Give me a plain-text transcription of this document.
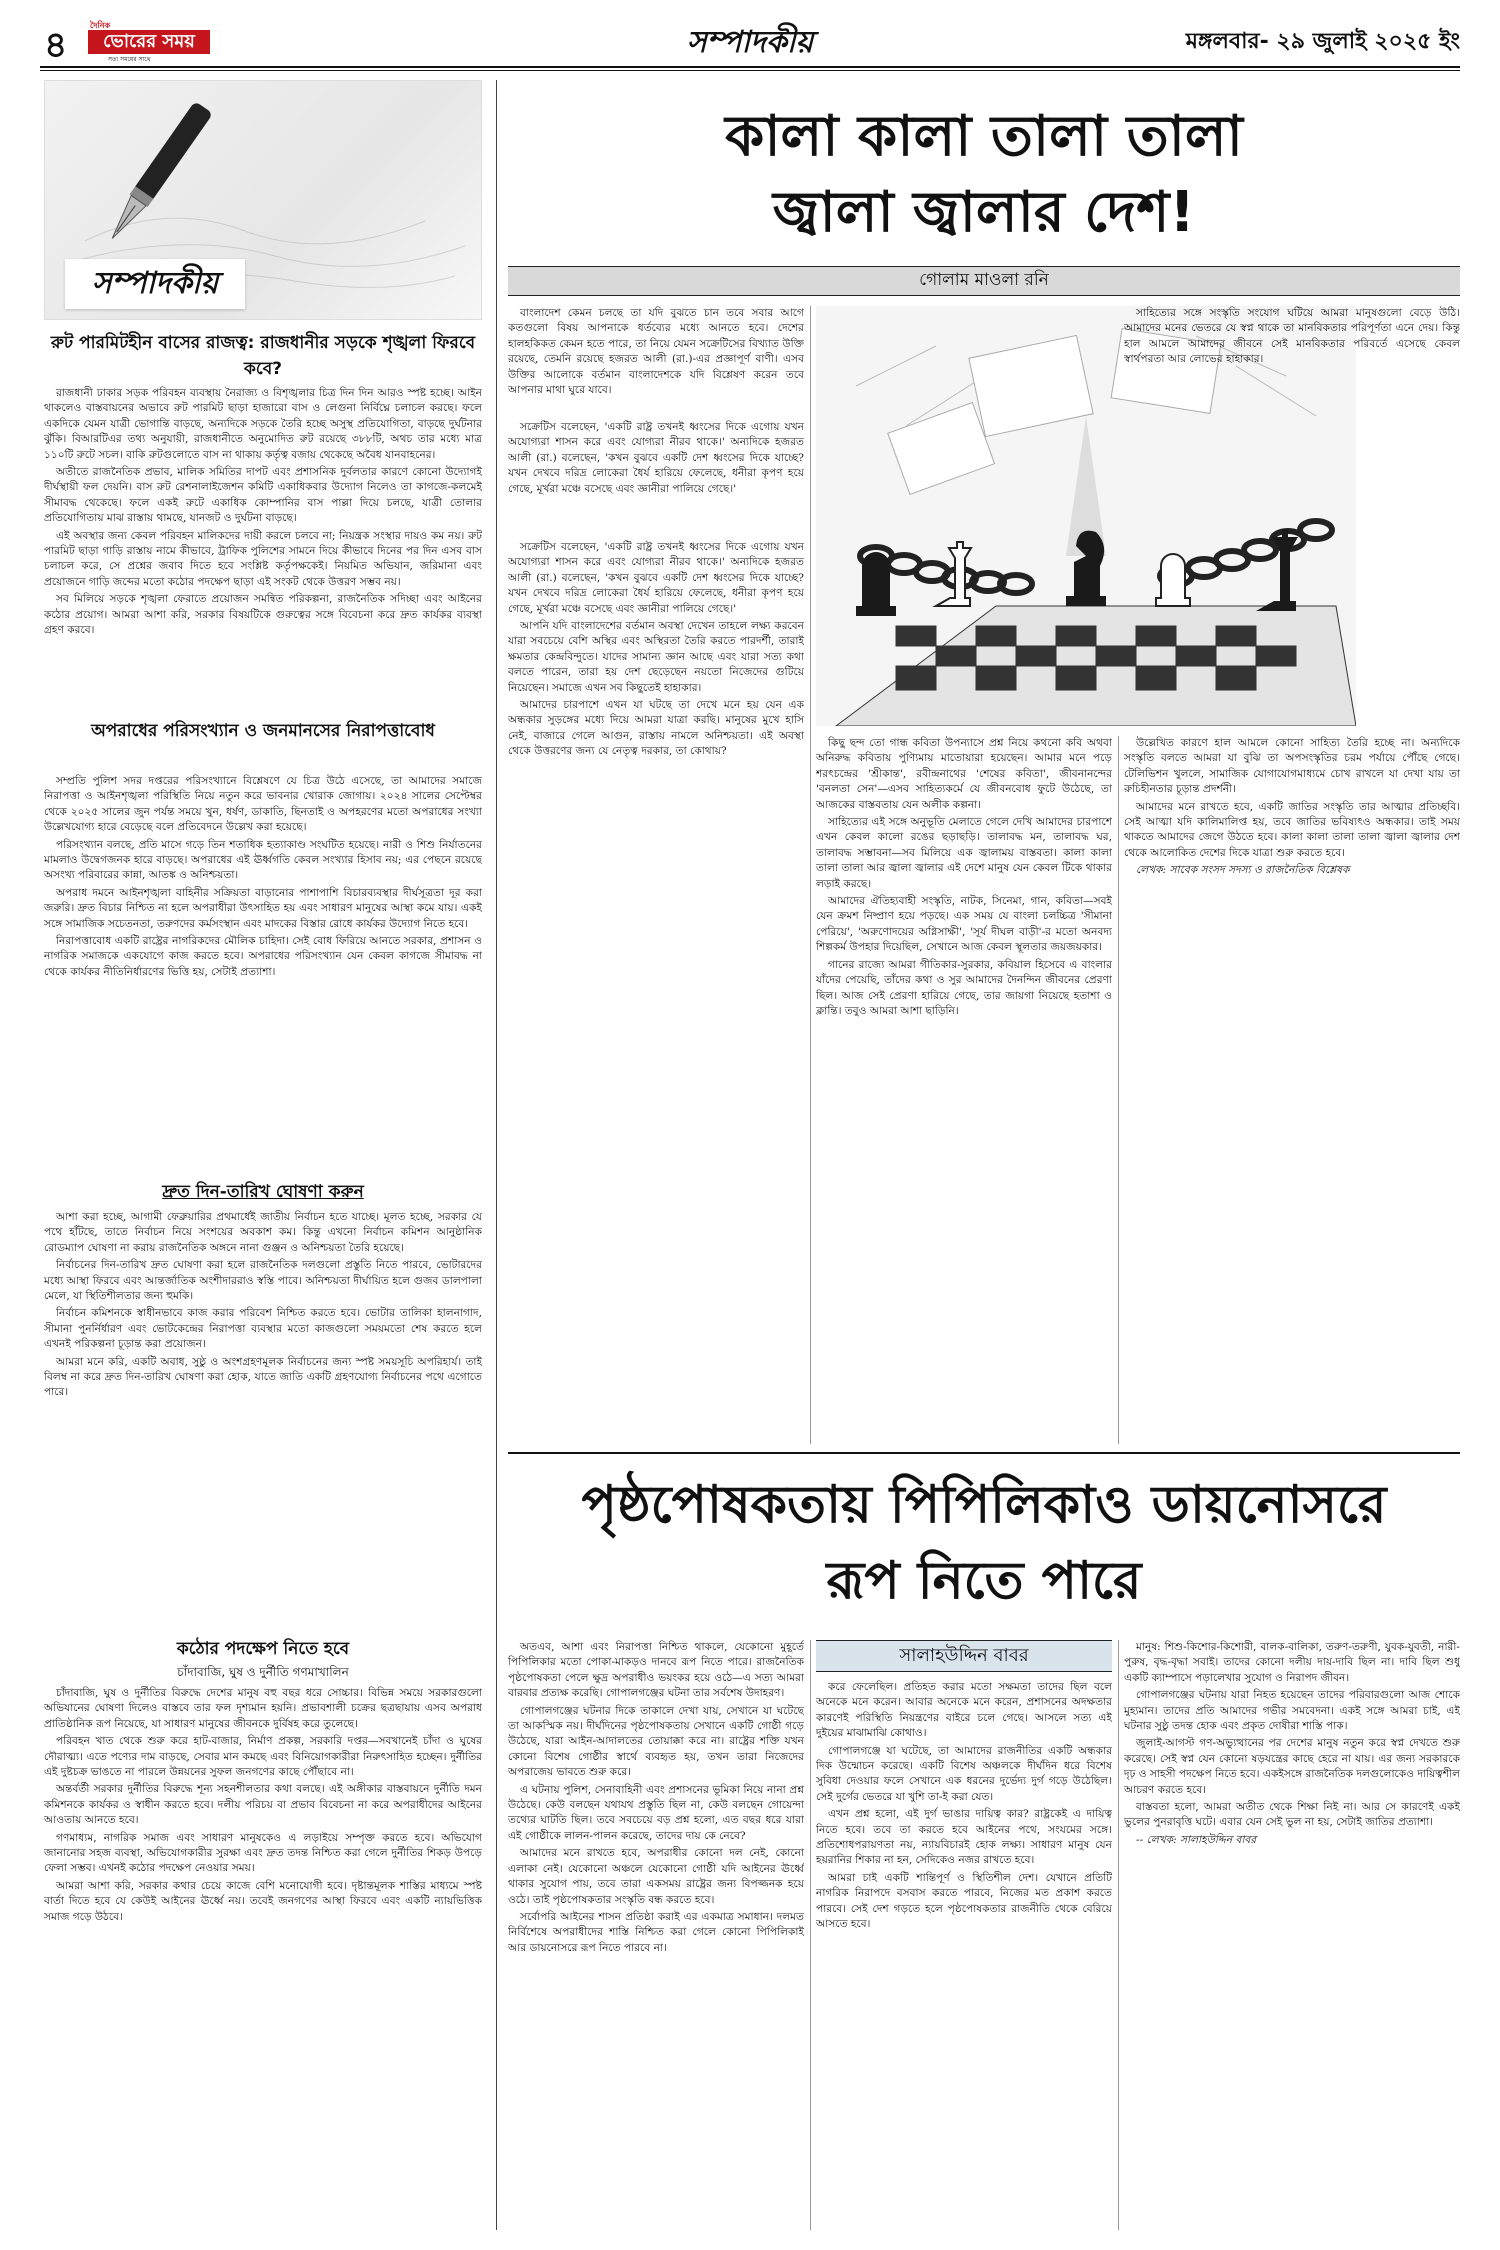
৪	দৈনিক
ভোরের সময়
সত্য সময়ের সাথে	সম্পাদকীয়	মঙ্গলবার- ২৯ জুলাই ২০২৫ ইং
সম্পাদকীয়
রুট পারমিটহীন বাসের রাজত্ব: রাজধানীর সড়কে শৃঙ্খলা ফিরবে কবে?

রাজধানী ঢাকার সড়ক পরিবহন ব্যবস্থায় নৈরাজ্য ও বিশৃঙ্খলার চিত্র দিন দিন আরও স্পষ্ট হচ্ছে। আইন থাকলেও বাস্তবায়নের অভাবে রুট পারমিট ছাড়া হাজারো বাস ও লেগুনা নির্বিঘ্নে চলাচল করছে। ফলে একদিকে যেমন যাত্রী ভোগান্তি বাড়ছে, অন্যদিকে সড়কে তৈরি হচ্ছে অসুস্থ প্রতিযোগিতা, বাড়ছে দুর্ঘটনার ঝুঁকি। বিআরটিএর তথ্য অনুযায়ী, রাজধানীতে অনুমোদিত রুট রয়েছে ৩৮৮টি, অথচ তার মধ্যে মাত্র ১১০টি রুটে সচল। বাকি রুটগুলোতে বাস না থাকায় কর্তৃত্ব বজায় থেকেছে অবৈধ যানবাহনের।

অতীতে রাজনৈতিক প্রভাব, মালিক সমিতির দাপট এবং প্রশাসনিক দুর্বলতার কারণে কোনো উদ্যোগই দীর্ঘস্থায়ী ফল দেয়নি। বাস রুট রেশনালাইজেশন কমিটি একাধিকবার উদ্যোগ নিলেও তা কাগজে-কলমেই সীমাবদ্ধ থেকেছে। ফলে একই রুটে একাধিক কোম্পানির বাস পাল্লা দিয়ে চলছে, যাত্রী তোলার প্রতিযোগিতায় মাঝ রাস্তায় থামছে, যানজট ও দুর্ঘটনা বাড়ছে।

এই অবস্থার জন্য কেবল পরিবহন মালিকদের দায়ী করলে চলবে না; নিয়ন্ত্রক সংস্থার দায়ও কম নয়। রুট পারমিট ছাড়া গাড়ি রাস্তায় নামে কীভাবে, ট্রাফিক পুলিশের সামনে দিয়ে কীভাবে দিনের পর দিন এসব বাস চলাচল করে, সে প্রশ্নের জবাব দিতে হবে সংশ্লিষ্ট কর্তৃপক্ষকেই। নিয়মিত অভিযান, জরিমানা এবং প্রয়োজনে গাড়ি জব্দের মতো কঠোর পদক্ষেপ ছাড়া এই সংকট থেকে উত্তরণ সম্ভব নয়।

সব মিলিয়ে সড়কে শৃঙ্খলা ফেরাতে প্রয়োজন সমন্বিত পরিকল্পনা, রাজনৈতিক সদিচ্ছা এবং আইনের কঠোর প্রয়োগ। আমরা আশা করি, সরকার বিষয়টিকে গুরুত্বের সঙ্গে বিবেচনা করে দ্রুত কার্যকর ব্যবস্থা গ্রহণ করবে।

অপরাধের পরিসংখ্যান ও জনমানসের নিরাপত্তাবোধ

সম্প্রতি পুলিশ সদর দপ্তরের পরিসংখ্যানে বিশ্লেষণে যে চিত্র উঠে এসেছে, তা আমাদের সমাজে নিরাপত্তা ও আইনশৃঙ্খলা পরিস্থিতি নিয়ে নতুন করে ভাবনার খোরাক জোগায়। ২০২৪ সালের সেপ্টেম্বর থেকে ২০২৫ সালের জুন পর্যন্ত সময়ে খুন, ধর্ষণ, ডাকাতি, ছিনতাই ও অপহরণের মতো অপরাধের সংখ্যা উল্লেখযোগ্য হারে বেড়েছে বলে প্রতিবেদনে উল্লেখ করা হয়েছে।

পরিসংখ্যান বলছে, প্রতি মাসে গড়ে তিন শতাধিক হত্যাকাণ্ড সংঘটিত হয়েছে। নারী ও শিশু নির্যাতনের মামলাও উদ্বেগজনক হারে বাড়ছে। অপরাধের এই ঊর্ধ্বগতি কেবল সংখ্যার হিসাব নয়; এর পেছনে রয়েছে অসংখ্য পরিবারের কান্না, আতঙ্ক ও অনিশ্চয়তা।

অপরাধ দমনে আইনশৃঙ্খলা বাহিনীর সক্রিয়তা বাড়ানোর পাশাপাশি বিচারব্যবস্থার দীর্ঘসূত্রতা দূর করা জরুরি। দ্রুত বিচার নিশ্চিত না হলে অপরাধীরা উৎসাহিত হয় এবং সাধারণ মানুষের আস্থা কমে যায়। একই সঙ্গে সামাজিক সচেতনতা, তরুণদের কর্মসংস্থান এবং মাদকের বিস্তার রোধে কার্যকর উদ্যোগ নিতে হবে।

নিরাপত্তাবোধ একটি রাষ্ট্রের নাগরিকদের মৌলিক চাহিদা। সেই বোধ ফিরিয়ে আনতে সরকার, প্রশাসন ও নাগরিক সমাজকে একযোগে কাজ করতে হবে। অপরাধের পরিসংখ্যান যেন কেবল কাগজে সীমাবদ্ধ না থেকে কার্যকর নীতিনির্ধারণের ভিত্তি হয়, সেটাই প্রত্যাশা।

দ্রুত দিন-তারিখ ঘোষণা করুন

আশা করা হচ্ছে, আগামী ফেব্রুয়ারির প্রথমার্ধেই জাতীয় নির্বাচন হতে যাচ্ছে। মূলত হচ্ছে, সরকার যে পথে হাঁটছে, তাতে নির্বাচন নিয়ে সংশয়ের অবকাশ কম। কিন্তু এখনো নির্বাচন কমিশন আনুষ্ঠানিক রোডম্যাপ ঘোষণা না করায় রাজনৈতিক অঙ্গনে নানা গুঞ্জন ও অনিশ্চয়তা তৈরি হয়েছে।

নির্বাচনের দিন-তারিখ দ্রুত ঘোষণা করা হলে রাজনৈতিক দলগুলো প্রস্তুতি নিতে পারবে, ভোটারদের মধ্যে আস্থা ফিরবে এবং আন্তর্জাতিক অংশীদাররাও স্বস্তি পাবে। অনিশ্চয়তা দীর্ঘায়িত হলে গুজব ডালপালা মেলে, যা স্থিতিশীলতার জন্য হুমকি।

নির্বাচন কমিশনকে স্বাধীনভাবে কাজ করার পরিবেশ নিশ্চিত করতে হবে। ভোটার তালিকা হালনাগাদ, সীমানা পুনর্নির্ধারণ এবং ভোটকেন্দ্রের নিরাপত্তা ব্যবস্থার মতো কাজগুলো সময়মতো শেষ করতে হলে এখনই পরিকল্পনা চূড়ান্ত করা প্রয়োজন।

আমরা মনে করি, একটি অবাধ, সুষ্ঠু ও অংশগ্রহণমূলক নির্বাচনের জন্য স্পষ্ট সময়সূচি অপরিহার্য। তাই বিলম্ব না করে দ্রুত দিন-তারিখ ঘোষণা করা হোক, যাতে জাতি একটি গ্রহণযোগ্য নির্বাচনের পথে এগোতে পারে।

কঠোর পদক্ষেপ নিতে হবে
চাঁদাবাজি, ঘুষ ও দুর্নীতি গণমাখালিন

চাঁদাবাজি, ঘুষ ও দুর্নীতির বিরুদ্ধে দেশের মানুষ বহু বছর ধরে সোচ্চার। বিভিন্ন সময়ে সরকারগুলো অভিযানের ঘোষণা দিলেও বাস্তবে তার ফল দৃশ্যমান হয়নি। প্রভাবশালী চক্রের ছত্রছায়ায় এসব অপরাধ প্রাতিষ্ঠানিক রূপ নিয়েছে, যা সাধারণ মানুষের জীবনকে দুর্বিষহ করে তুলেছে।

পরিবহন খাত থেকে শুরু করে হাট-বাজার, নির্মাণ প্রকল্প, সরকারি দপ্তর—সবখানেই চাঁদা ও ঘুষের দৌরাত্ম্য। এতে পণ্যের দাম বাড়ছে, সেবার মান কমছে এবং বিনিয়োগকারীরা নিরুৎসাহিত হচ্ছেন। দুর্নীতির এই দুষ্টচক্র ভাঙতে না পারলে উন্নয়নের সুফল জনগণের কাছে পৌঁছাবে না।

অন্তর্বর্তী সরকার দুর্নীতির বিরুদ্ধে শূন্য সহনশীলতার কথা বলছে। এই অঙ্গীকার বাস্তবায়নে দুর্নীতি দমন কমিশনকে কার্যকর ও স্বাধীন করতে হবে। দলীয় পরিচয় বা প্রভাব বিবেচনা না করে অপরাধীদের আইনের আওতায় আনতে হবে।

গণমাধ্যম, নাগরিক সমাজ এবং সাধারণ মানুষকেও এ লড়াইয়ে সম্পৃক্ত করতে হবে। অভিযোগ জানানোর সহজ ব্যবস্থা, অভিযোগকারীর সুরক্ষা এবং দ্রুত তদন্ত নিশ্চিত করা গেলে দুর্নীতির শিকড় উপড়ে ফেলা সম্ভব। এখনই কঠোর পদক্ষেপ নেওয়ার সময়।

আমরা আশা করি, সরকার কথার চেয়ে কাজে বেশি মনোযোগী হবে। দৃষ্টান্তমূলক শাস্তির মাধ্যমে স্পষ্ট বার্তা দিতে হবে যে কেউই আইনের ঊর্ধ্বে নয়। তবেই জনগণের আস্থা ফিরবে এবং একটি ন্যায়ভিত্তিক সমাজ গড়ে উঠবে।

কালা কালা তালা তালা
জ্বালা জ্বালার দেশ!
গোলাম মাওলা রনি

বাংলাদেশ কেমন চলছে তা যদি বুঝতে চান তবে সবার আগে কতগুলো বিষয় আপনাকে ধর্তব্যের মধ্যে আনতে হবে। দেশের হালহকিকত কেমন হতে পারে, তা নিয়ে যেমন সক্রেটিসের বিখ্যাত উক্তি রয়েছে, তেমনি রয়েছে হজরত আলী (রা.)-এর প্রজ্ঞাপূর্ণ বাণী। এসব উক্তির আলোকে বর্তমান বাংলাদেশকে যদি বিশ্লেষণ করেন তবে আপনার মাথা ঘুরে যাবে।

কিছু ছন্দ তো গান্ধ কবিতা উপন্যাসে প্রশ্ন নিয়ে কথনো কবি অথবা অনিরুদ্ধ কবিতায় পুণ্যিমায় মাতোয়ারা হয়েছেন। আমার মনে পড়ে শরৎচন্দ্রের 'শ্রীকান্ত', রবীন্দ্রনাথের 'শেষের কবিতা', জীবনানন্দের 'বনলতা সেন'—এসব সাহিত্যকর্মে যে জীবনবোধ ফুটে উঠেছে, তা আজকের বাস্তবতায় যেন অলীক কল্পনা।

সাহিত্যের এই সঙ্গে অনুভূতি মেলাতে গেলে দেখি আমাদের চারপাশে এখন কেবল কালো রঙের ছড়াছড়ি। তালাবদ্ধ মন, তালাবদ্ধ ঘর, তালাবদ্ধ সম্ভাবনা—সব মিলিয়ে এক জ্বালাময় বাস্তবতা। কালা কালা তালা তালা আর জ্বালা জ্বালার এই দেশে মানুষ যেন কেবল টিকে থাকার লড়াই করছে।

আমাদের ঐতিহ্যবাহী সংস্কৃতি, নাটক, সিনেমা, গান, কবিতা—সবই যেন ক্রমশ নিষ্প্রাণ হয়ে পড়ছে। এক সময় যে বাংলা চলচ্চিত্র 'সীমানা পেরিয়ে', 'অরুণোদয়ের অগ্নিসাক্ষী', 'সূর্য দীঘল বাড়ী'-র মতো অনবদ্য শিল্পকর্ম উপহার দিয়েছিল, সেখানে আজ কেবল স্থূলতার জয়জয়কার।

গানের রাজ্যে আমরা গীতিকার-সুরকার, কবিয়াল হিসেবে এ বাংলার যাঁদের পেয়েছি, তাঁদের কথা ও সুর আমাদের দৈনন্দিন জীবনের প্রেরণা ছিল। আজ সেই প্রেরণা হারিয়ে গেছে, তার জায়গা নিয়েছে হতাশা ও ক্লান্তি। তবুও আমরা আশা ছাড়িনি।

সাহিত্যের সঙ্গে সংস্কৃতি সংযোগ ঘটিয়ে আমরা মানুষগুলো বেড়ে উঠি। আমাদের মনের ভেতরে যে স্বপ্ন থাকে তা মানবিকতার পরিপূর্ণতা এনে দেয়। কিন্তু হাল আমলে আমাদের জীবনে সেই মানবিকতার পরিবর্তে এসেছে কেবল স্বার্থপরতা আর লোভের হাহাকার।

সক্রেটিস বলেছেন, 'একটি রাষ্ট্র তখনই ধ্বংসের দিকে এগোয় যখন অযোগ্যরা শাসন করে এবং যোগ্যরা নীরব থাকে।' অন্যদিকে হজরত আলী (রা.) বলেছেন, 'কখন বুঝবে একটি দেশ ধ্বংসের দিকে যাচ্ছে? যখন দেখবে দরিদ্র লোকেরা ধৈর্য হারিয়ে ফেলেছে, ধনীরা কৃপণ হয়ে গেছে, মূর্খরা মঞ্চে বসেছে এবং জ্ঞানীরা পালিয়ে গেছে।'

আপনি যদি বাংলাদেশের বর্তমান অবস্থা দেখেন তাহলে লক্ষ্য করবেন যারা সবচেয়ে বেশি অস্থির এবং অস্থিরতা তৈরি করতে পারদর্শী, তারাই ক্ষমতার কেন্দ্রবিন্দুতে। যাদের সামান্য জ্ঞান আছে এবং যারা সত্য কথা বলতে পারেন, তারা হয় দেশ ছেড়েছেন নয়তো নিজেদের গুটিয়ে নিয়েছেন। সমাজে এখন সব কিছুতেই হাহাকার।

আমাদের চারপাশে এখন যা ঘটছে তা দেখে মনে হয় যেন এক অন্ধকার সুড়ঙ্গের মধ্যে দিয়ে আমরা যাত্রা করছি। মানুষের মুখে হাসি নেই, বাজারে গেলে আগুন, রাস্তায় নামলে অনিশ্চয়তা। এই অবস্থা থেকে উত্তরণের জন্য যে নেতৃত্ব দরকার, তা কোথায়?

উল্লেখিত কারণে হাল আমলে কোনো সাহিত্য তৈরি হচ্ছে না। অন্যদিকে সংস্কৃতি বলতে আমরা যা বুঝি তা অপসংস্কৃতির চরম পর্যায়ে পৌঁছে গেছে। টেলিভিশন খুললে, সামাজিক যোগাযোগমাধ্যমে চোখ রাখলে যা দেখা যায় তা রুচিহীনতার চূড়ান্ত প্রদর্শনী।

আমাদের মনে রাখতে হবে, একটি জাতির সংস্কৃতি তার আত্মার প্রতিচ্ছবি। সেই আত্মা যদি কালিমালিপ্ত হয়, তবে জাতির ভবিষ্যৎও অন্ধকার। তাই সময় থাকতে আমাদের জেগে উঠতে হবে। কালা কালা তালা তালা জ্বালা জ্বালার দেশ থেকে আলোকিত দেশের দিকে যাত্রা শুরু করতে হবে।

লেখক: সাবেক সংসদ সদস্য ও রাজনৈতিক বিশ্লেষক

সক্রেটিস বলেছেন, 'একটি রাষ্ট্র তখনই ধ্বংসের দিকে এগোয় যখন অযোগ্যরা শাসন করে এবং যোগ্যরা নীরব থাকে।' অন্যদিকে হজরত আলী (রা.) বলেছেন, 'কখন বুঝবে একটি দেশ ধ্বংসের দিকে যাচ্ছে? যখন দেখবে দরিদ্র লোকেরা ধৈর্য হারিয়ে ফেলেছে, ধনীরা কৃপণ হয়ে গেছে, মূর্খরা মঞ্চে বসেছে এবং জ্ঞানীরা পালিয়ে গেছে।'

পৃষ্ঠপোষকতায় পিপিলিকাও ডায়নোসরে
রূপ নিতে পারে

অতএব, আশা এবং নিরাপত্তা নিশ্চিত থাকলে, যেকোনো মুহূর্তে পিপিলিকার মতো পোকা-মাকড়ও দানবে রূপ নিতে পারে। রাজনৈতিক পৃষ্ঠপোষকতা পেলে ক্ষুদ্র অপরাধীও ভয়ংকর হয়ে ওঠে—এ সত্য আমরা বারবার প্রত্যক্ষ করেছি। গোপালগঞ্জের ঘটনা তার সর্বশেষ উদাহরণ।

গোপালগঞ্জের ঘটনার দিকে তাকালে দেখা যায়, সেখানে যা ঘটেছে তা আকস্মিক নয়। দীর্ঘদিনের পৃষ্ঠপোষকতায় সেখানে একটি গোষ্ঠী গড়ে উঠেছে, যারা আইন-আদালতের তোয়াক্কা করে না। রাষ্ট্রের শক্তি যখন কোনো বিশেষ গোষ্ঠীর স্বার্থে ব্যবহৃত হয়, তখন তারা নিজেদের অপরাজেয় ভাবতে শুরু করে।

এ ঘটনায় পুলিশ, সেনাবাহিনী এবং প্রশাসনের ভূমিকা নিয়ে নানা প্রশ্ন উঠেছে। কেউ বলছেন যথাযথ প্রস্তুতি ছিল না, কেউ বলছেন গোয়েন্দা তথ্যের ঘাটতি ছিল। তবে সবচেয়ে বড় প্রশ্ন হলো, এত বছর ধরে যারা এই গোষ্ঠীকে লালন-পালন করেছে, তাদের দায় কে নেবে?

আমাদের মনে রাখতে হবে, অপরাধীর কোনো দল নেই, কোনো এলাকা নেই। যেকোনো অঞ্চলে যেকোনো গোষ্ঠী যদি আইনের ঊর্ধ্বে থাকার সুযোগ পায়, তবে তারা একসময় রাষ্ট্রের জন্য বিপজ্জনক হয়ে ওঠে। তাই পৃষ্ঠপোষকতার সংস্কৃতি বন্ধ করতে হবে।

সর্বোপরি আইনের শাসন প্রতিষ্ঠা করাই এর একমাত্র সমাধান। দলমত নির্বিশেষে অপরাধীদের শাস্তি নিশ্চিত করা গেলে কোনো পিপিলিকাই আর ডায়নোসরে রূপ নিতে পারবে না।

সালাহউদ্দিন বাবর

করে ফেলেছিল। প্রতিহত করার মতো সক্ষমতা তাদের ছিল বলে অনেকে মনে করেন। আবার অনেকে মনে করেন, প্রশাসনের অদক্ষতার কারণেই পরিস্থিতি নিয়ন্ত্রণের বাইরে চলে গেছে। আসলে সত্য এই দুইয়ের মাঝামাঝি কোথাও।

গোপালগঞ্জে যা ঘটেছে, তা আমাদের রাজনীতির একটি অন্ধকার দিক উন্মোচন করেছে। একটি বিশেষ অঞ্চলকে দীর্ঘদিন ধরে বিশেষ সুবিধা দেওয়ার ফলে সেখানে এক ধরনের দুর্ভেদ্য দুর্গ গড়ে উঠেছিল। সেই দুর্গের ভেতরে যা খুশি তা-ই করা যেত।

এখন প্রশ্ন হলো, এই দুর্গ ভাঙার দায়িত্ব কার? রাষ্ট্রকেই এ দায়িত্ব নিতে হবে। তবে তা করতে হবে আইনের পথে, সংযমের সঙ্গে। প্রতিশোধপরায়ণতা নয়, ন্যায়বিচারই হোক লক্ষ্য। সাধারণ মানুষ যেন হয়রানির শিকার না হন, সেদিকেও নজর রাখতে হবে।

আমরা চাই একটি শান্তিপূর্ণ ও স্থিতিশীল দেশ। যেখানে প্রতিটি নাগরিক নিরাপদে বসবাস করতে পারবে, নিজের মত প্রকাশ করতে পারবে। সেই দেশ গড়তে হলে পৃষ্ঠপোষকতার রাজনীতি থেকে বেরিয়ে আসতে হবে।

মানুষ: শিশু-কিশোর-কিশোরী, বালক-বালিকা, তরুণ-তরুণী, যুবক-যুবতী, নারী-পুরুষ, বৃদ্ধ-বৃদ্ধা সবাই। তাদের কোনো দলীয় দায়-দাবি ছিল না। দাবি ছিল শুধু একটি ক্যাম্পাসে পড়ালেখার সুযোগ ও নিরাপদ জীবন।

গোপালগঞ্জের ঘটনায় যারা নিহত হয়েছেন তাদের পরিবারগুলো আজ শোকে মুহ্যমান। তাদের প্রতি আমাদের গভীর সমবেদনা। একই সঙ্গে আমরা চাই, এই ঘটনার সুষ্ঠু তদন্ত হোক এবং প্রকৃত দোষীরা শাস্তি পাক।

জুলাই-আগস্ট গণ-অভ্যুত্থানের পর দেশের মানুষ নতুন করে স্বপ্ন দেখতে শুরু করেছে। সেই স্বপ্ন যেন কোনো ষড়যন্ত্রের কাছে হেরে না যায়। এর জন্য সরকারকে দৃঢ় ও সাহসী পদক্ষেপ নিতে হবে। একইসঙ্গে রাজনৈতিক দলগুলোকেও দায়িত্বশীল আচরণ করতে হবে।

বাস্তবতা হলো, আমরা অতীত থেকে শিক্ষা নিই না। আর সে কারণেই একই ভুলের পুনরাবৃত্তি ঘটে। এবার যেন সেই ভুল না হয়, সেটাই জাতির প্রত্যাশা।

-- লেখক: সালাহউদ্দিন বাবর
